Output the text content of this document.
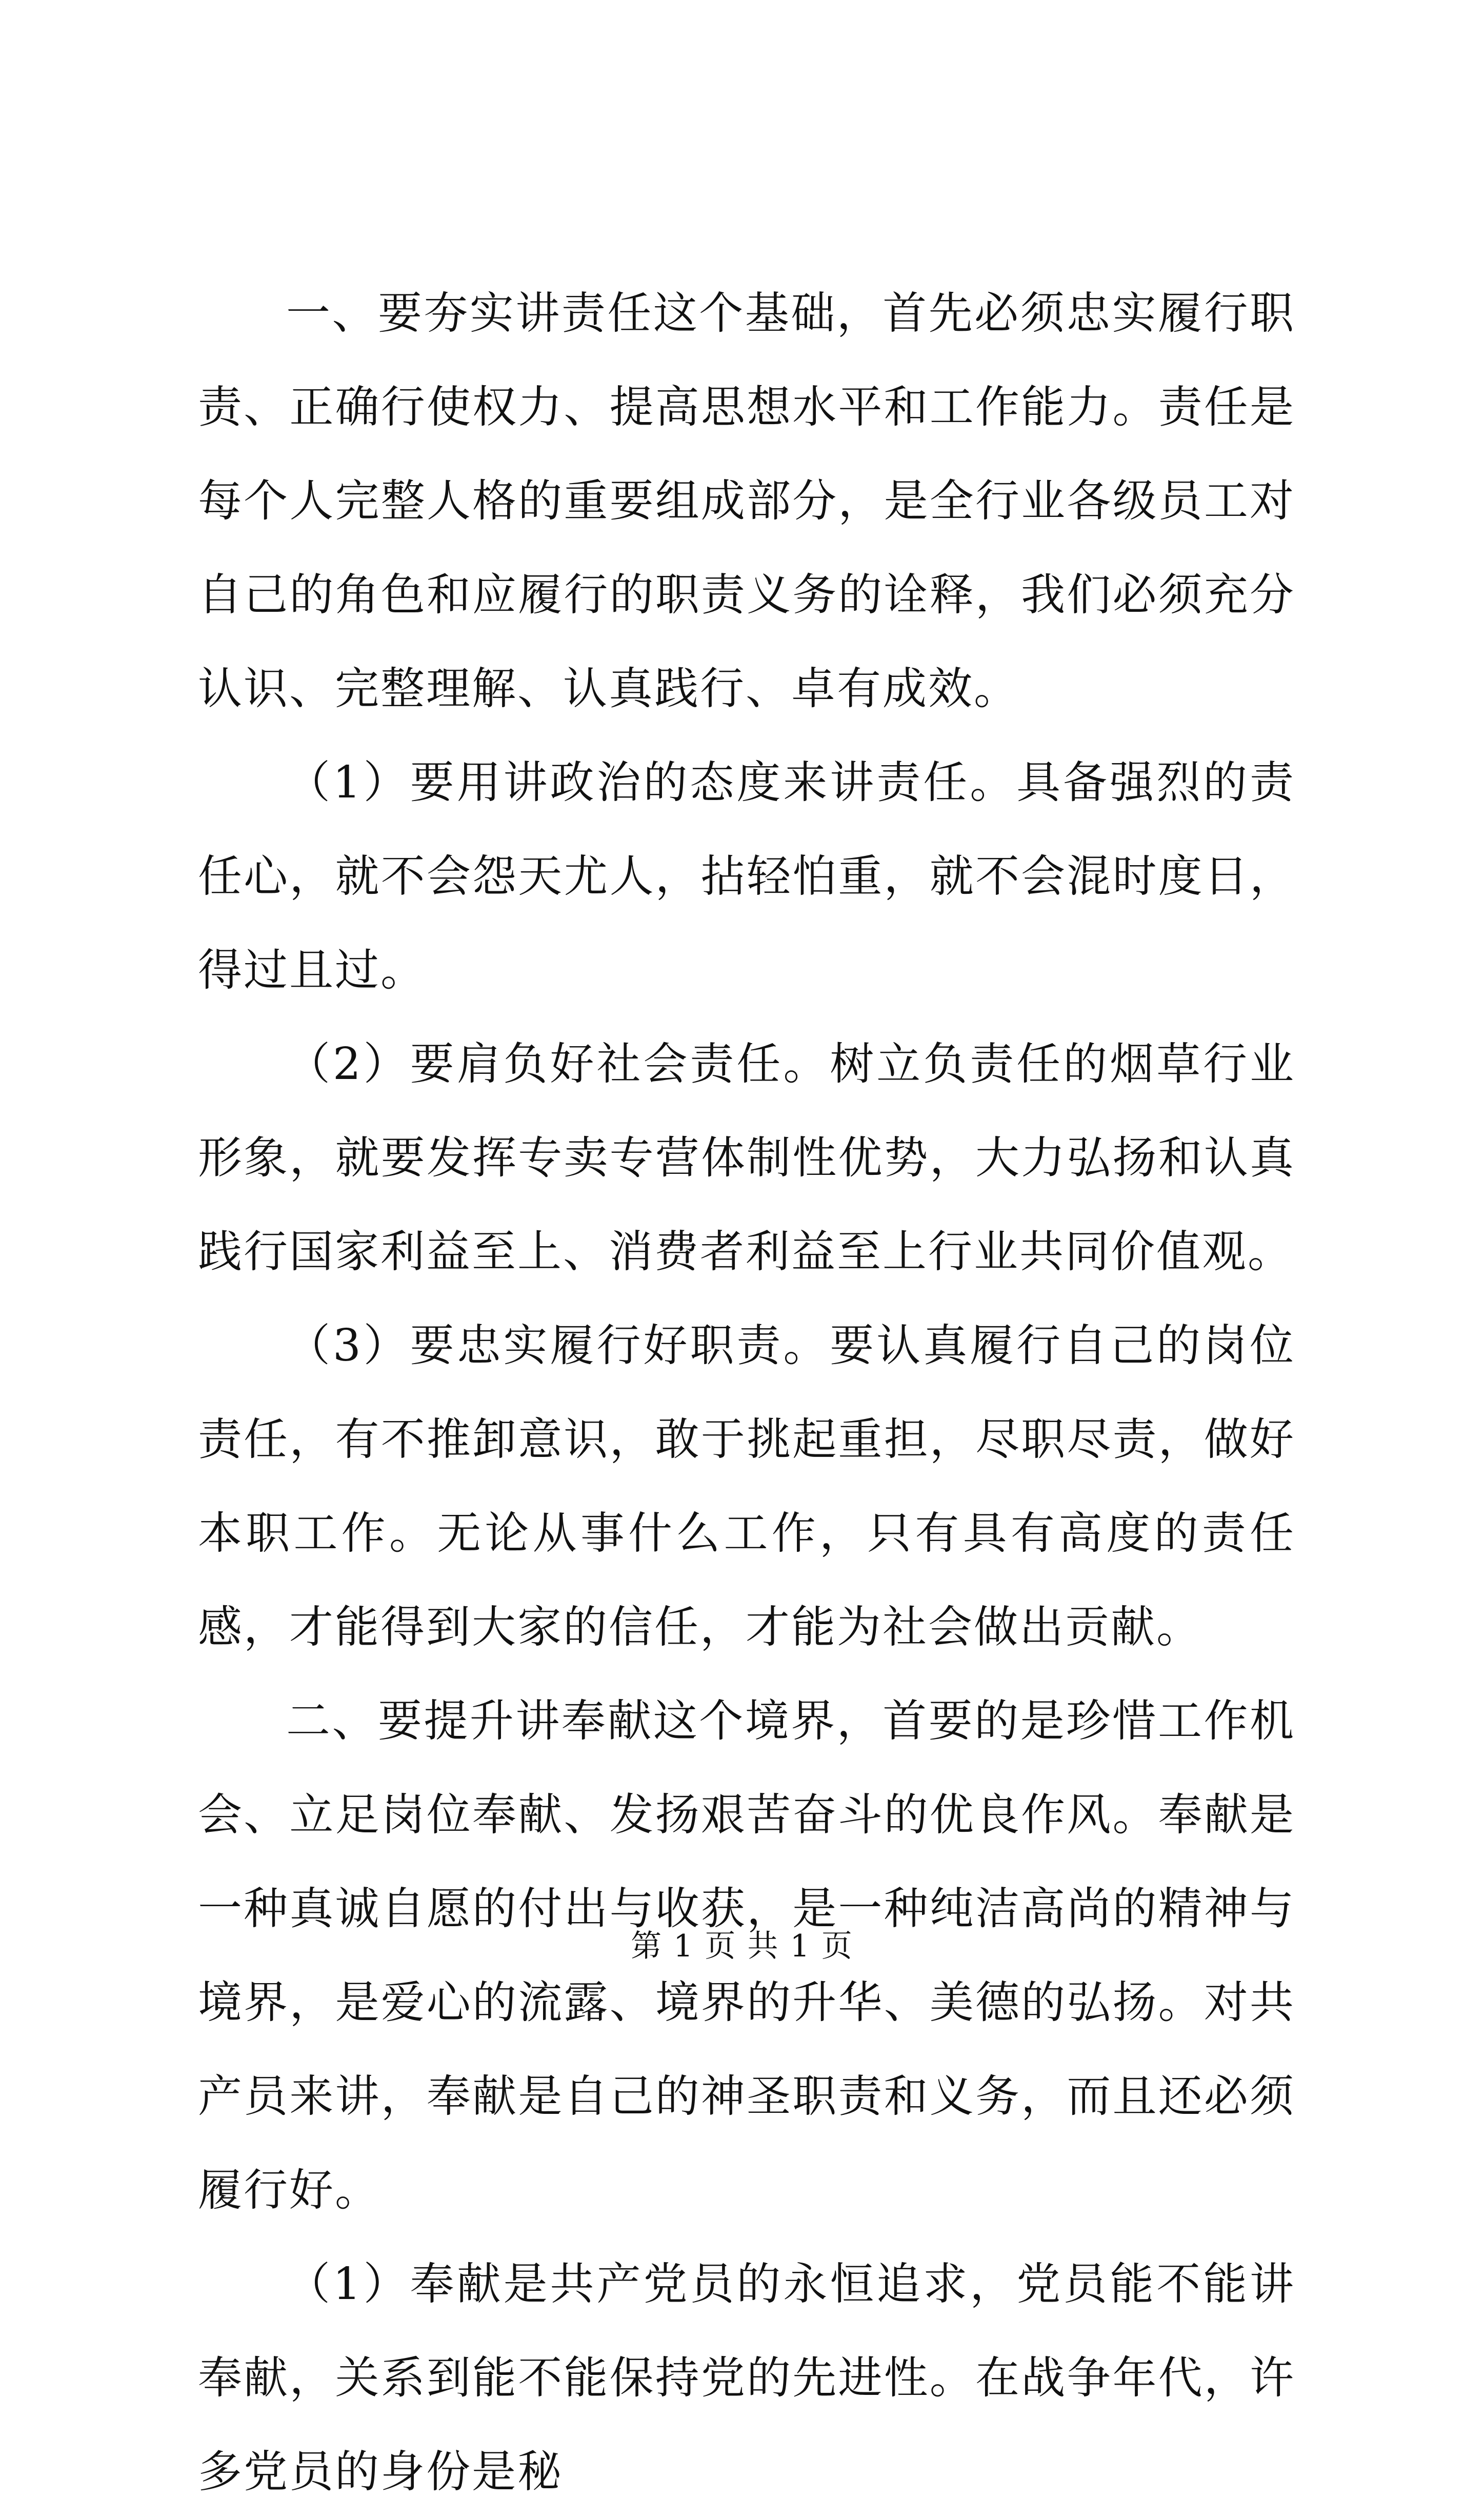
一、要夯实讲责任这个基础，首先必须忠实履行职责、正确行使权力、提高思想水平和工作能力。责任是每个人完整人格的重要组成部分，是全行业各级员工对自己的角色和应履行的职责义务的诠释，我们必须充分认识、完整理解、认真践行、卓有成效。

（1）要用讲政治的态度来讲责任。具备强烈的责任心，就不会怨天尤人，拈轻怕重，就不会混时度日，得过且过。

（2）要肩负好社会责任。树立负责任的烟草行业形象，就要发挥专卖专营体制性优势，大力弘扬和认真践行国家利益至上、消费者利益至上行业共同价值观。

（3）要忠实履行好职责。要认真履行自己的岗位责任，有不推卸意识，敢于挑起重担，尽职尽责，做好本职工作。无论从事什么工作，只有具有高度的责任感，才能得到大家的信任，才能为社会做出贡献。

二、要提升讲奉献这个境界，首要的是珍惜工作机会、立足岗位奉献、发扬艰苦奋斗的优良作风。奉献是一种真诚自愿的付出与收获，是一种纯洁高尚的精神与境界，是爱心的流露、境界的升华、美德的弘扬。对共产员来讲，奉献是自己的神圣职责和义务，而且还必须履行好。

（1）奉献是共产党员的永恒追求，党员能不能讲奉献，关系到能不能保持党的先进性。在战争年代，许多党员的身份是秘

第 1 页 共 1 页
